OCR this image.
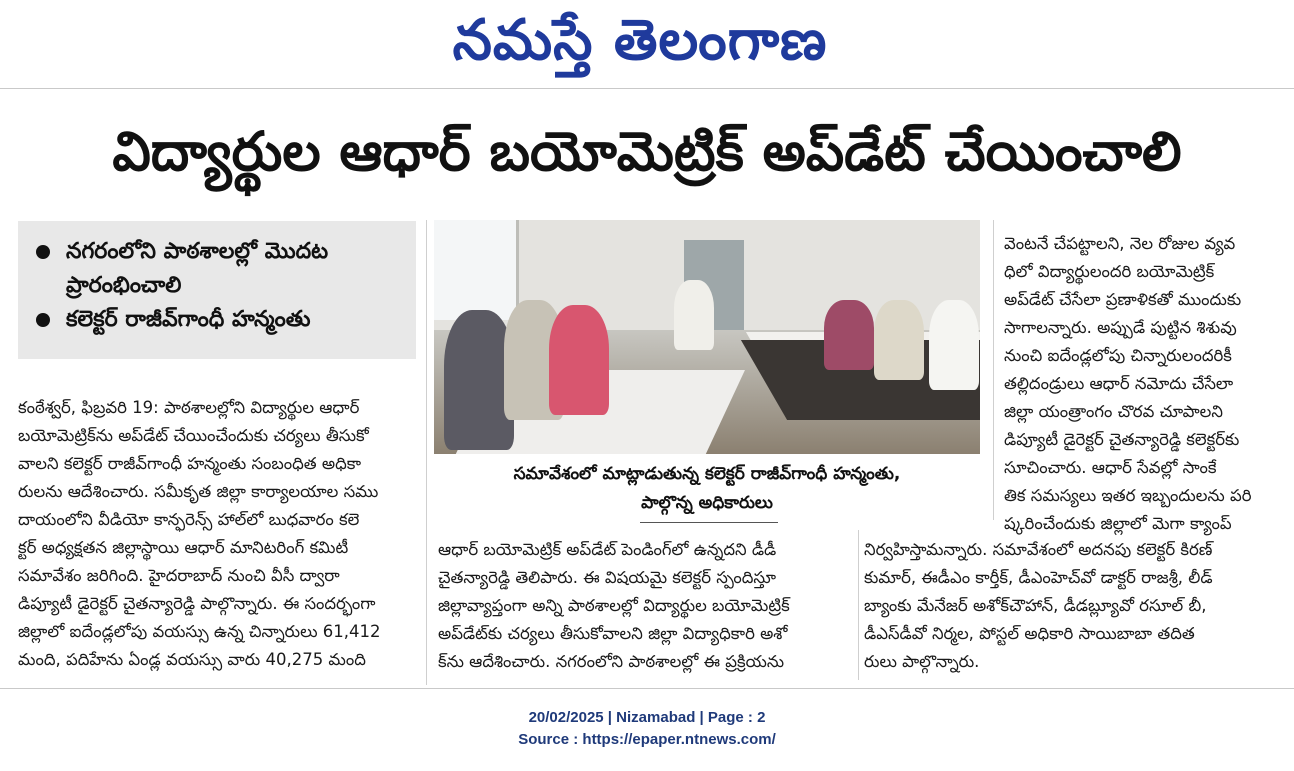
నమస్తే తెలంగాణ
విద్యార్థుల ఆధార్ బయోమెట్రిక్ అప్‌డేట్ చేయించాలి
నగరంలోని పాఠశాలల్లో మొదట
ప్రారంభించాలి
కలెక్టర్ రాజీవ్‌గాంధీ హన్మంతు
కంఠేశ్వర్, ఫిబ్రవరి 19: పాఠశాలల్లోని విద్యార్థుల ఆధార్
బయోమెట్రిక్‌ను అప్‌డేట్ చేయించేందుకు చర్యలు తీసుకో
వాలని కలెక్టర్ రాజీవ్‌గాంధీ హన్మంతు సంబంధిత అధికా
రులను ఆదేశించారు. సమీకృత జిల్లా కార్యాలయాల సము
దాయంలోని వీడియో కాన్ఫరెన్స్ హాల్‌లో బుధవారం కలె
క్టర్ అధ్యక్షతన జిల్లాస్థాయి ఆధార్ మానిటరింగ్ కమిటీ
సమావేశం జరిగింది. హైదరాబాద్ నుంచి వీసీ ద్వారా
డిప్యూటీ డైరెక్టర్ చైతన్యారెడ్డి పాల్గొన్నారు. ఈ సందర్భంగా
జిల్లాలో ఐదేండ్లలోపు వయస్సు ఉన్న చిన్నారులు 61,412
మంది, పదిహేను ఏండ్ల వయస్సు వారు 40,275 మంది
సమావేశంలో మాట్లాడుతున్న కలెక్టర్ రాజీవ్‌గాంధీ హన్మంతు,
పాల్గొన్న అధికారులు
ఆధార్ బయోమెట్రిక్ అప్‌డేట్ పెండింగ్‌లో ఉన్నదని డీడీ
చైతన్యారెడ్డి తెలిపారు. ఈ విషయమై కలెక్టర్ స్పందిస్తూ
జిల్లావ్యాప్తంగా అన్ని పాఠశాలల్లో విద్యార్థుల బయోమెట్రిక్
అప్‌డేట్‌కు చర్యలు తీసుకోవాలని జిల్లా విద్యాధికారి అశో
క్‌ను ఆదేశించారు. నగరంలోని పాఠశాలల్లో ఈ ప్రక్రియను
వెంటనే చేపట్టాలని, నెల రోజుల వ్యవ
ధిలో విద్యార్థులందరి బయోమెట్రిక్
అప్‌డేట్ చేసేలా ప్రణాళికతో ముందుకు
సాగాలన్నారు. అప్పుడే పుట్టిన శిశువు
నుంచి ఐదేండ్లలోపు చిన్నారులందరికీ
తల్లిదండ్రులు ఆధార్ నమోదు చేసేలా
జిల్లా యంత్రాంగం చొరవ చూపాలని
డిప్యూటీ డైరెక్టర్ చైతన్యారెడ్డి కలెక్టర్‌కు
సూచించారు. ఆధార్ సేవల్లో సాంకే
తిక సమస్యలు ఇతర ఇబ్బందులను పరి
ష్కరించేందుకు జిల్లాలో మెగా క్యాంప్
నిర్వహిస్తామన్నారు. సమావేశంలో అదనపు కలెక్టర్ కిరణ్
కుమార్, ఈడీఎం కార్తీక్, డీఎంహెచ్‌వో డాక్టర్ రాజశ్రీ, లీడ్
బ్యాంకు మేనేజర్ అశోక్‌చౌహాన్, డీడబ్ల్యూవో రసూల్ బీ,
డీఎస్‌డీవో నిర్మల, పోస్టల్ అధికారి సాయిబాబా తదిత
రులు పాల్గొన్నారు.
20/02/2025 | Nizamabad | Page : 2
Source : https://epaper.ntnews.com/
